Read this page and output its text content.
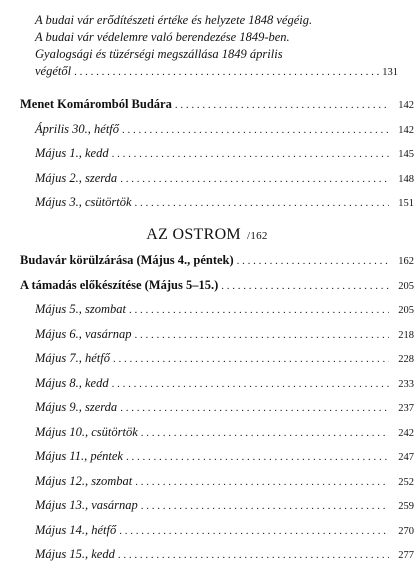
A budai vár erődítészeti értéke és helyzete 1848 végéig.
A budai vár védelemre való berendezése 1849-ben.
Gyalogsági és tüzérségi megszállása 1849 április
végétől . . .	131
Menet Komáromból Budára . . .	142
Április 30., hétfő . . .	142
Május 1., kedd . . .	145
Május 2., szerda . . .	148
Május 3., csütörtök . . .	151
AZ OSTROM /162
Budavár körülzárása (Május 4., péntek) . . .	162
A támadás előkészítése (Május 5–15.) . . .	205
Május 5., szombat . . .	205
Május 6., vasárnap . . .	218
Május 7., hétfő . . .	228
Május 8., kedd . . .	233
Május 9., szerda . . .	237
Május 10., csütörtök . . .	242
Május 11., péntek . . .	247
Május 12., szombat . . .	252
Május 13., vasárnap . . .	259
Május 14., hétfő . . .	270
Május 15., kedd . . .	277
